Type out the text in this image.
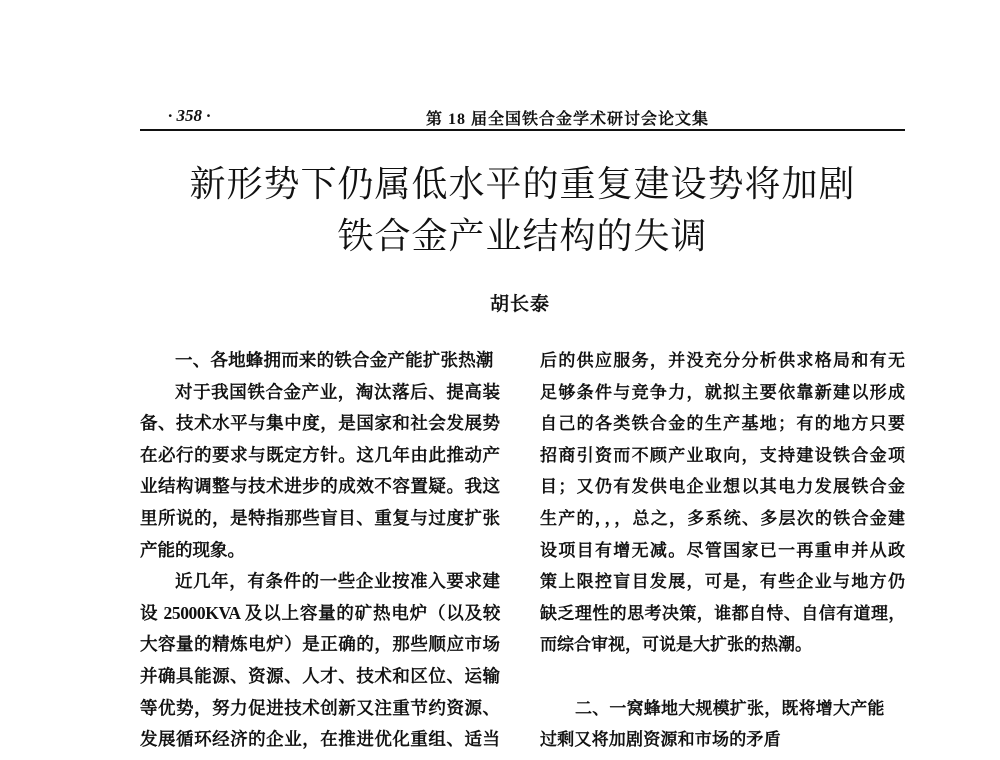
· 358 ·	第 18 届全国铁合金学术研讨会论文集
新形势下仍属低水平的重复建设势将加剧
铁合金产业结构的失调
胡长泰
一、各地蜂拥而来的铁合金产能扩张热潮
对于我国铁合金产业，淘汰落后、提高装
备、技术水平与集中度，是国家和社会发展势
在必行的要求与既定方针。这几年由此推动产
业结构调整与技术进步的成效不容置疑。我这
里所说的，是特指那些盲目、重复与过度扩张
产能的现象。
近几年，有条件的一些企业按准入要求建
设 25000KVA 及以上容量的矿热电炉（以及较
大容量的精炼电炉）是正确的，那些顺应市场
并确具能源、资源、人才、技术和区位、运输
等优势，努力促进技术创新又注重节约资源、
发展循环经济的企业，在推进优化重组、适当
后的供应服务，并没充分分析供求格局和有无
足够条件与竞争力，就拟主要依靠新建以形成
自己的各类铁合金的生产基地；有的地方只要
招商引资而不顾产业取向，支持建设铁合金项
目；又仍有发供电企业想以其电力发展铁合金
生产的，，，总之，多系统、多层次的铁合金建
设项目有增无减。尽管国家已一再重申并从政
策上限控盲目发展，可是，有些企业与地方仍
缺乏理性的思考决策，谁都自恃、自信有道理，
而综合审视，可说是大扩张的热潮。
二、一窝蜂地大规模扩张，既将增大产能
过剩又将加剧资源和市场的矛盾
